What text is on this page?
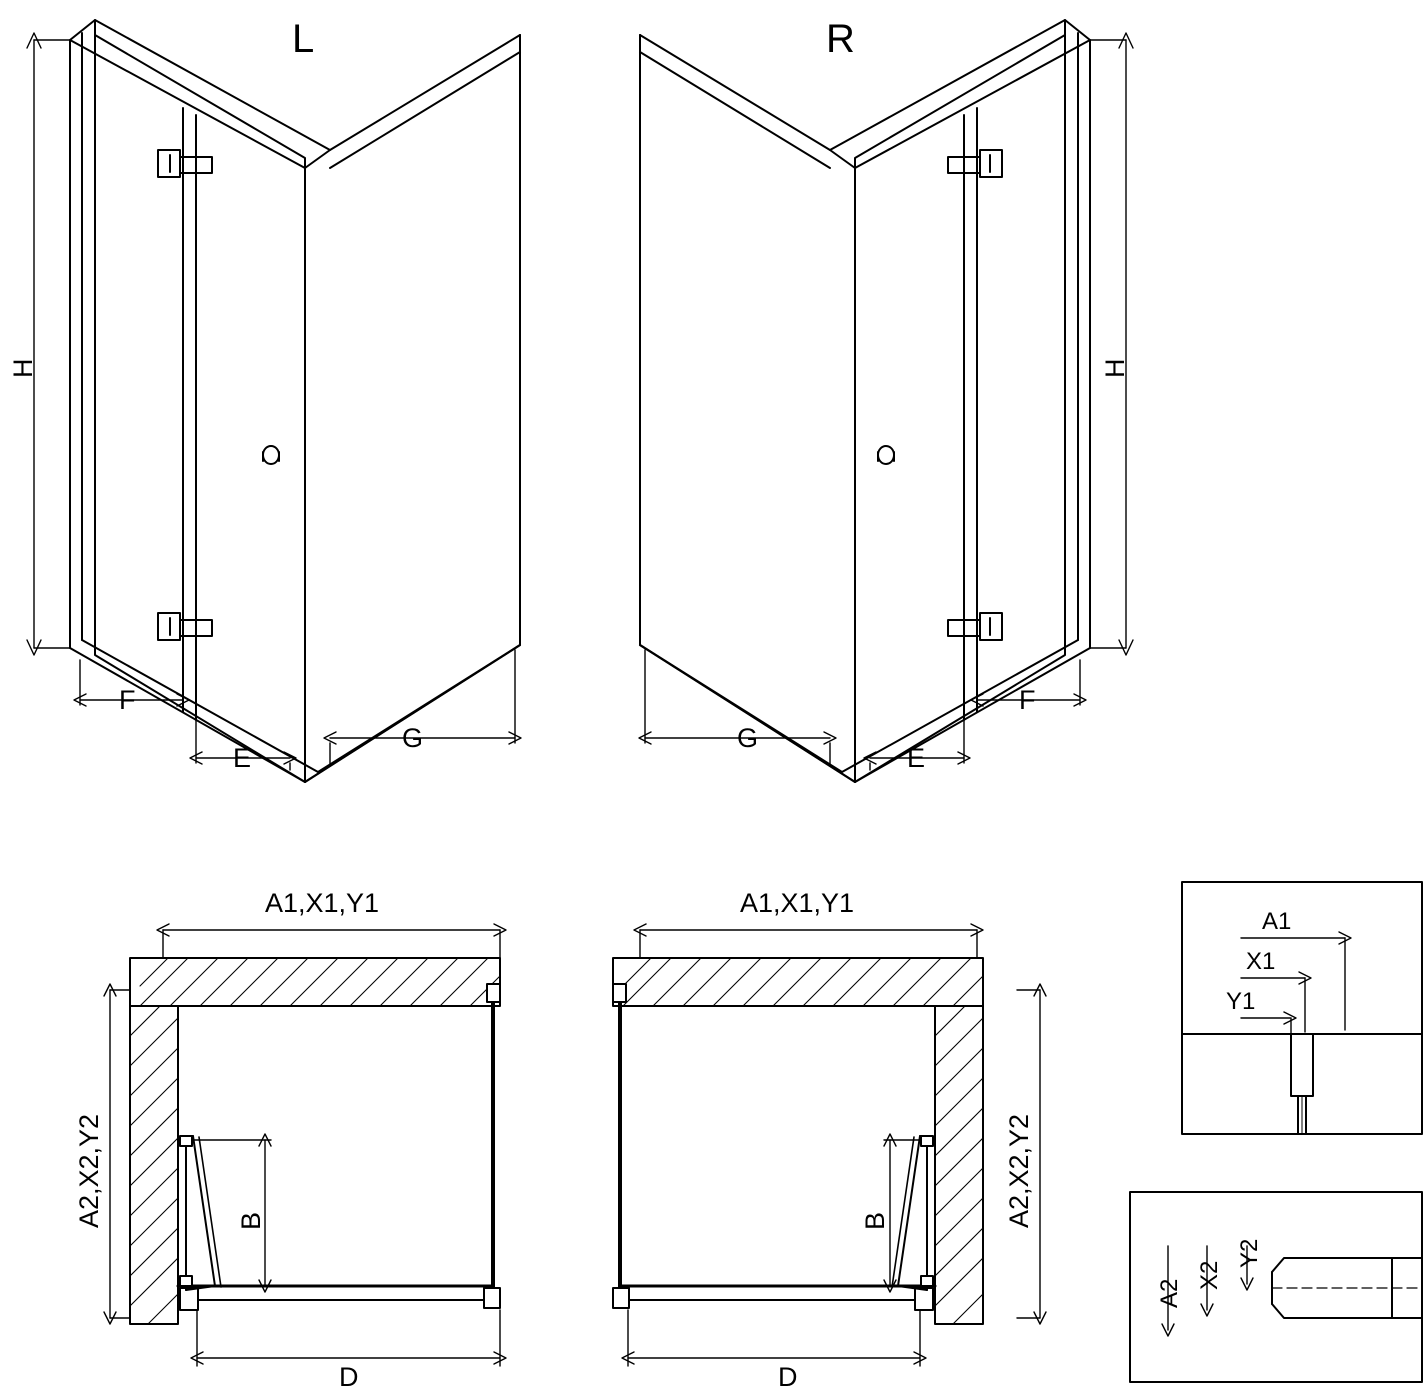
L	R
H	H
F
E
G
F
E
G
A1,X1,Y1
A2,X2,Y2	B
D
A1,X1,Y1
A2,X2,Y2
B
D
A1
X1
Y1
A2
X2
Y2
